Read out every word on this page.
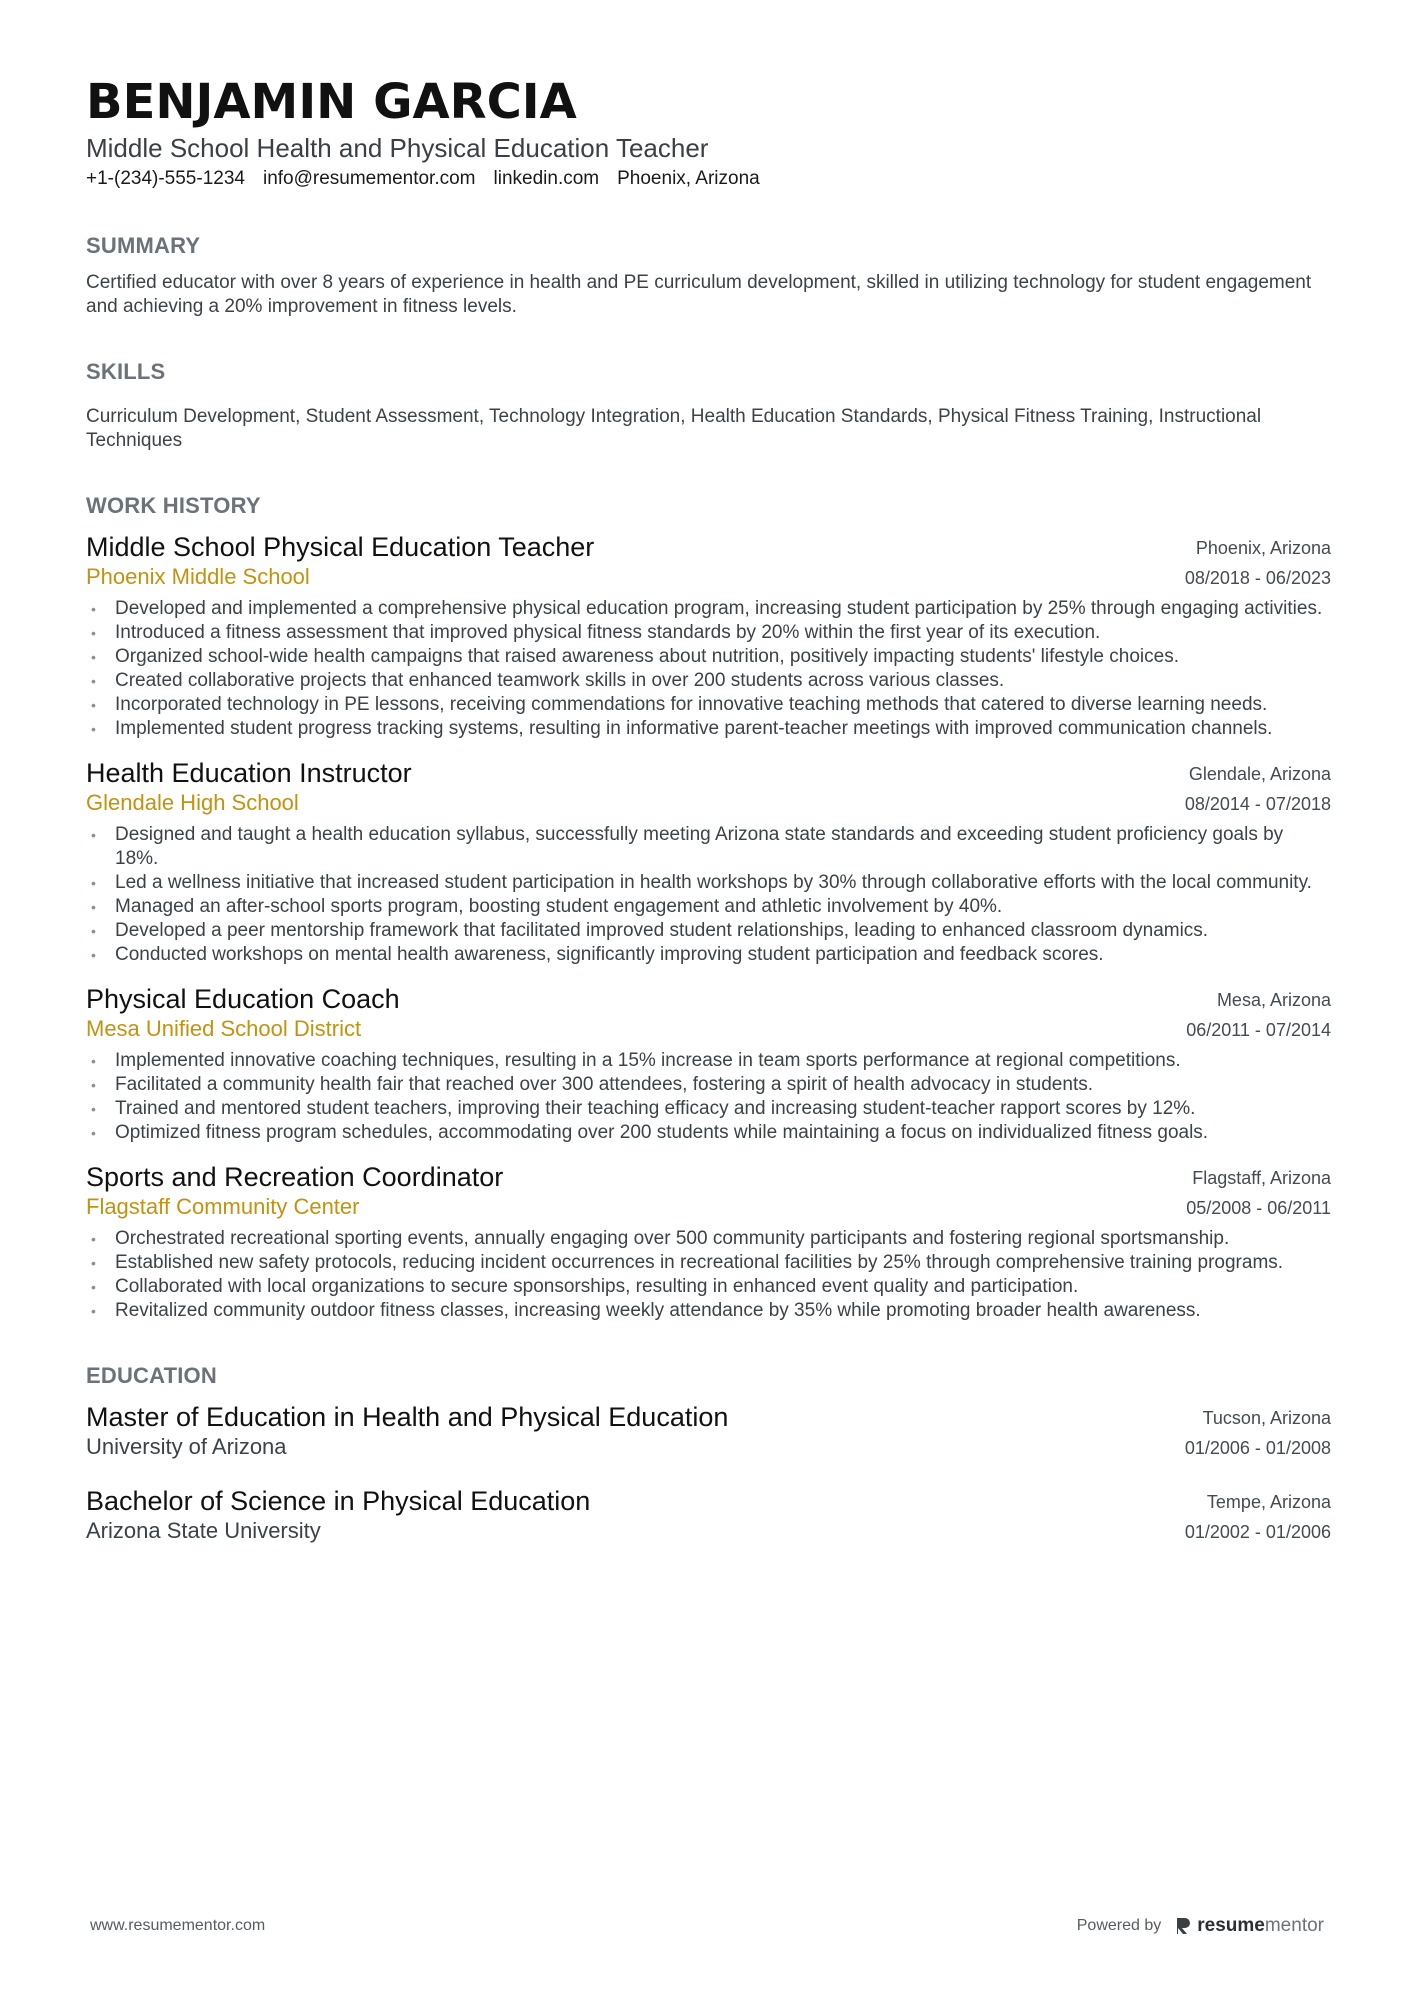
BENJAMIN GARCIA
Middle School Health and Physical Education Teacher
+1-(234)-555-1234 info@resumementor.com linkedin.com Phoenix, Arizona
SUMMARY
Certified educator with over 8 years of experience in health and PE curriculum development, skilled in utilizing technology for student engagement and achieving a 20% improvement in fitness levels.
SKILLS
Curriculum Development, Student Assessment, Technology Integration, Health Education Standards, Physical Fitness Training, Instructional Techniques
WORK HISTORY
Middle School Physical Education Teacher
Phoenix Middle School
Phoenix, Arizona
08/2018 - 06/2023
• Developed and implemented a comprehensive physical education program, increasing student participation by 25% through engaging activities.
• Introduced a fitness assessment that improved physical fitness standards by 20% within the first year of its execution.
• Organized school-wide health campaigns that raised awareness about nutrition, positively impacting students' lifestyle choices.
• Created collaborative projects that enhanced teamwork skills in over 200 students across various classes.
• Incorporated technology in PE lessons, receiving commendations for innovative teaching methods that catered to diverse learning needs.
• Implemented student progress tracking systems, resulting in informative parent-teacher meetings with improved communication channels.
Health Education Instructor
Glendale High School
Glendale, Arizona
08/2014 - 07/2018
• Designed and taught a health education syllabus, successfully meeting Arizona state standards and exceeding student proficiency goals by 18%.
• Led a wellness initiative that increased student participation in health workshops by 30% through collaborative efforts with the local community.
• Managed an after-school sports program, boosting student engagement and athletic involvement by 40%.
• Developed a peer mentorship framework that facilitated improved student relationships, leading to enhanced classroom dynamics.
• Conducted workshops on mental health awareness, significantly improving student participation and feedback scores.
Physical Education Coach
Mesa Unified School District
Mesa, Arizona
06/2011 - 07/2014
• Implemented innovative coaching techniques, resulting in a 15% increase in team sports performance at regional competitions.
• Facilitated a community health fair that reached over 300 attendees, fostering a spirit of health advocacy in students.
• Trained and mentored student teachers, improving their teaching efficacy and increasing student-teacher rapport scores by 12%.
• Optimized fitness program schedules, accommodating over 200 students while maintaining a focus on individualized fitness goals.
Sports and Recreation Coordinator
Flagstaff Community Center
Flagstaff, Arizona
05/2008 - 06/2011
• Orchestrated recreational sporting events, annually engaging over 500 community participants and fostering regional sportsmanship.
• Established new safety protocols, reducing incident occurrences in recreational facilities by 25% through comprehensive training programs.
• Collaborated with local organizations to secure sponsorships, resulting in enhanced event quality and participation.
• Revitalized community outdoor fitness classes, increasing weekly attendance by 35% while promoting broader health awareness.
EDUCATION
Master of Education in Health and Physical Education
University of Arizona
Tucson, Arizona
01/2006 - 01/2008
Bachelor of Science in Physical Education
Arizona State University
Tempe, Arizona
01/2002 - 01/2006
www.resumementor.com	Powered by resumementor
